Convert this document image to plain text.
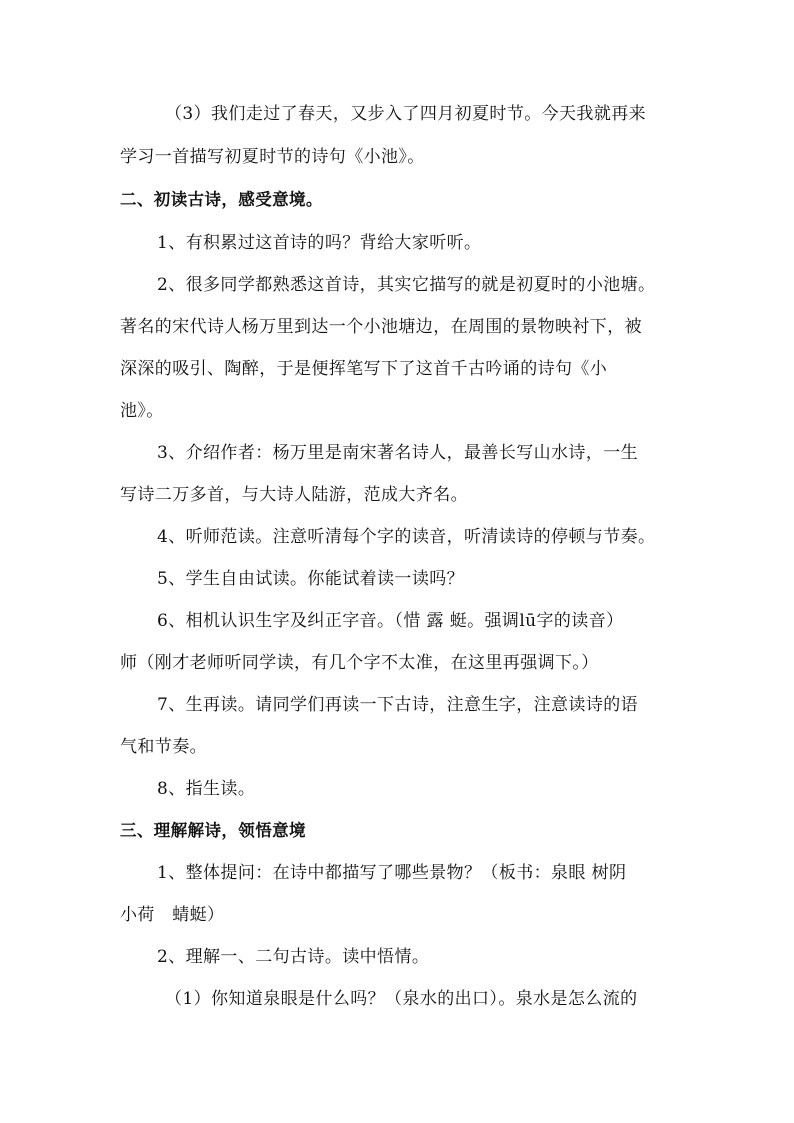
（3）我们走过了春天，又步入了四月初夏时节。今天我就再来
学习一首描写初夏时节的诗句《小池》。
二、初读古诗，感受意境。
1、有积累过这首诗的吗？背给大家听听。
2、很多同学都熟悉这首诗，其实它描写的就是初夏时的小池塘。
著名的宋代诗人杨万里到达一个小池塘边，在周围的景物映衬下，被
深深的吸引、陶醉，于是便挥笔写下了这首千古吟诵的诗句《小
池》。
3、介绍作者：杨万里是南宋著名诗人，最善长写山水诗，一生
写诗二万多首，与大诗人陆游，范成大齐名。
4、听师范读。注意听清每个字的读音，听清读诗的停顿与节奏。
5、学生自由试读。你能试着读一读吗？
6、相机认识生字及纠正字音。（惜 露 蜓。强调lū字的读音）
师（刚才老师听同学读，有几个字不太准，在这里再强调下。）
7、生再读。请同学们再读一下古诗，注意生字，注意读诗的语
气和节奏。
8、指生读。
三、理解解诗，领悟意境
1、整体提问：在诗中都描写了哪些景物？（板书：泉眼 树阴
小荷　蜻蜓）
2、理解一、二句古诗。读中悟情。
（1）你知道泉眼是什么吗？（泉水的出口）。泉水是怎么流的
